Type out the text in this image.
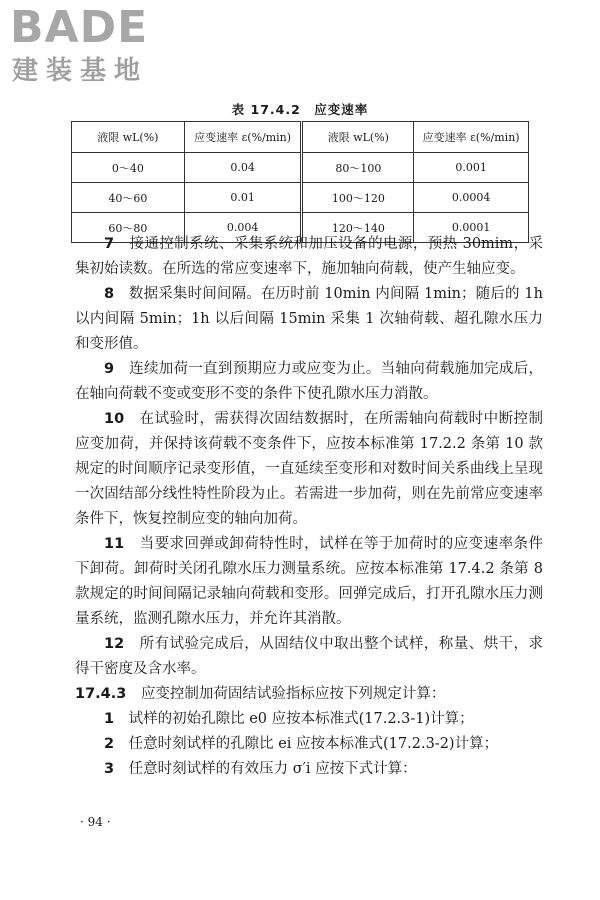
BADE
建装基地
表 17.4.2　应变速率
液限 wL(%)	应变速率 ε(%/min)	液限 wL(%)	应变速率 ε(%/min)
0～40	0.04	80～100	0.001
40～60	0.01	100～120	0.0004
60～80	0.004	120～140	0.0001

7　 接通控制系统、采集系统和加压设备的电源，预热 30mim，采集初始读数。在所选的常应变速率下，施加轴向荷载，使产生轴应变。

8　 数据采集时间间隔。在历时前 10min 内间隔 1min；随后的 1h 以内间隔 5min；1h 以后间隔 15min 采集 1 次轴荷载、超孔隙水压力和变形值。

9　 连续加荷一直到预期应力或应变为止。当轴向荷载施加完成后，在轴向荷载不变或变形不变的条件下使孔隙水压力消散。

10　 在试验时，需获得次固结数据时，在所需轴向荷载时中断控制应变加荷，并保持该荷载不变条件下，应按本标准第 17.2.2 条第 10 款规定的时间顺序记录变形值，一直延续至变形和对数时间关系曲线上呈现一次固结部分线性特性阶段为止。若需进一步加荷，则在先前常应变速率条件下，恢复控制应变的轴向加荷。

11　 当要求回弹或卸荷特性时，试样在等于加荷时的应变速率条件下卸荷。卸荷时关闭孔隙水压力测量系统。应按本标准第 17.4.2 条第 8 款规定的时间间隔记录轴向荷载和变形。回弹完成后，打开孔隙水压力测量系统，监测孔隙水压力，并允许其消散。

12　 所有试验完成后，从固结仪中取出整个试样，称量、烘干，求得干密度及含水率。

17.4.3　 应变控制加荷固结试验指标应按下列规定计算：

1　 试样的初始孔隙比 e0 应按本标准式(17.2.3-1)计算；

2　 任意时刻试样的孔隙比 ei 应按本标准式(17.2.3-2)计算；

3　 任意时刻试样的有效压力 σ′i 应按下式计算：

· 94 ·
